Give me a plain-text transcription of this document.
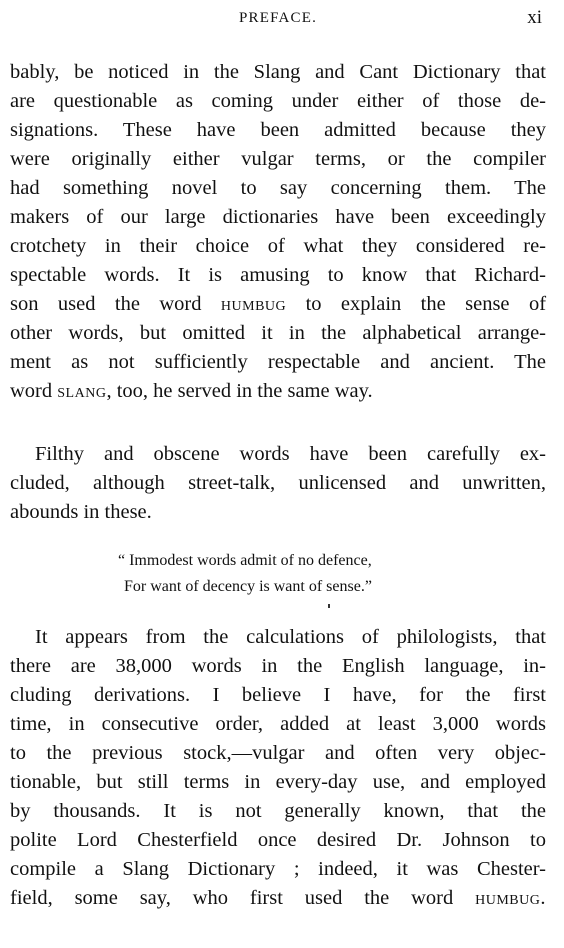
PREFACE.	xi
bably, be noticed in the Slang and Cant Dictionary that
are questionable as coming under either of those de-
signations. These have been admitted because they
were originally either vulgar terms, or the compiler
had something novel to say concerning them. The
makers of our large dictionaries have been exceedingly
crotchety in their choice of what they considered re-
spectable words. It is amusing to know that Richard-
son used the word humbug to explain the sense of
other words, but omitted it in the alphabetical arrange-
ment as not sufficiently respectable and ancient. The
word slang, too, he served in the same way.
Filthy and obscene words have been carefully ex-
cluded, although street-talk, unlicensed and unwritten,
abounds in these.
“ Immodest words admit of no defence,
For want of decency is want of sense.”
It appears from the calculations of philologists, that
there are 38,000 words in the English language, in-
cluding derivations. I believe I have, for the first
time, in consecutive order, added at least 3,000 words
to the previous stock,—vulgar and often very objec-
tionable, but still terms in every-day use, and employed
by thousands. It is not generally known, that the
polite Lord Chesterfield once desired Dr. Johnson to
compile a Slang Dictionary ; indeed, it was Chester-
field, some say, who first used the word humbug.
